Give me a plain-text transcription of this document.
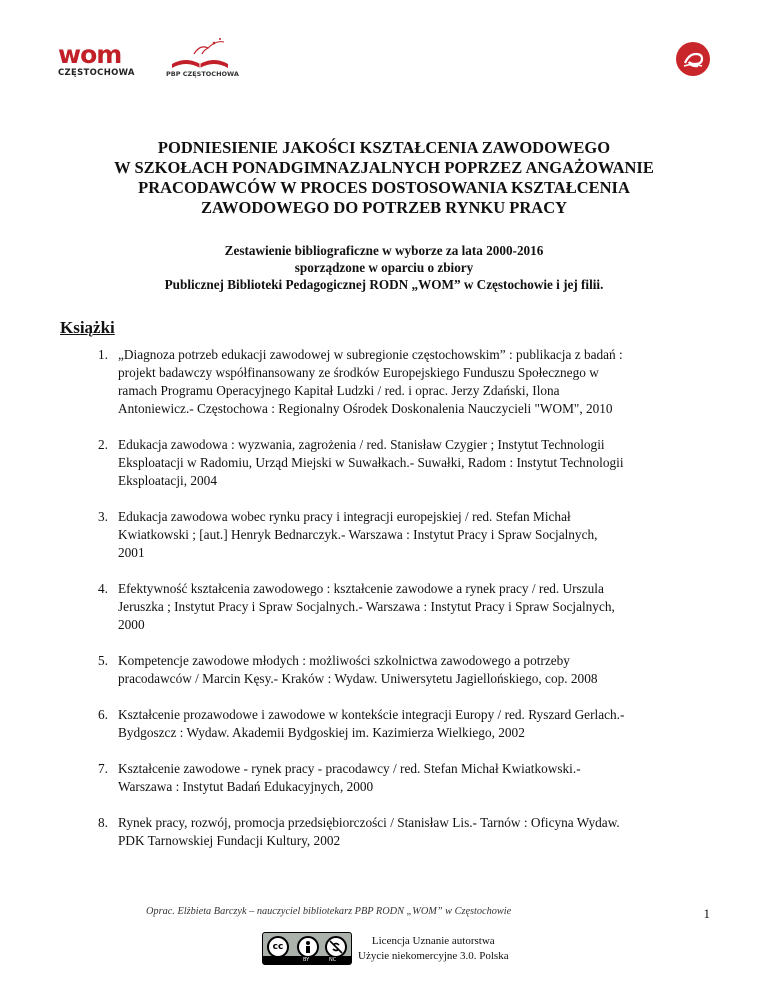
wom
CZĘSTOCHOWA	PBP CZĘSTOCHOWA
PODNIESIENIE JAKOŚCI KSZTAŁCENIA ZAWODOWEGO
W SZKOŁACH PONADGIMNAZJALNYCH POPRZEZ ANGAŻOWANIE
PRACODAWCÓW W PROCES DOSTOSOWANIA KSZTAŁCENIA
ZAWODOWEGO DO POTRZEB RYNKU PRACY
Zestawienie bibliograficzne w wyborze za lata 2000-2016
sporządzone w oparciu o zbiory
Publicznej Biblioteki Pedagogicznej RODN „WOM” w Częstochowie i jej filii.
Książki
1. „Diagnoza potrzeb edukacji zawodowej w subregionie częstochowskim” : publikacja z badań :
projekt badawczy współfinansowany ze środków Europejskiego Funduszu Społecznego w
ramach Programu Operacyjnego Kapitał Ludzki / red. i oprac. Jerzy Zdański, Ilona
Antoniewicz.- Częstochowa : Regionalny Ośrodek Doskonalenia Nauczycieli "WOM", 2010
2. Edukacja zawodowa : wyzwania, zagrożenia / red. Stanisław Czygier ; Instytut Technologii
Eksploatacji w Radomiu, Urząd Miejski w Suwałkach.- Suwałki, Radom : Instytut Technologii
Eksploatacji, 2004
3. Edukacja zawodowa wobec rynku pracy i integracji europejskiej / red. Stefan Michał
Kwiatkowski ; [aut.] Henryk Bednarczyk.- Warszawa : Instytut Pracy i Spraw Socjalnych,
2001
4. Efektywność kształcenia zawodowego : kształcenie zawodowe a rynek pracy / red. Urszula
Jeruszka ; Instytut Pracy i Spraw Socjalnych.- Warszawa : Instytut Pracy i Spraw Socjalnych,
2000
5. Kompetencje zawodowe młodych : możliwości szkolnictwa zawodowego a potrzeby
pracodawców / Marcin Kęsy.- Kraków : Wydaw. Uniwersytetu Jagiellońskiego, cop. 2008
6. Kształcenie prozawodowe i zawodowe w kontekście integracji Europy / red. Ryszard Gerlach.-
Bydgoszcz : Wydaw. Akademii Bydgoskiej im. Kazimierza Wielkiego, 2002
7. Kształcenie zawodowe - rynek pracy - pracodawcy / red. Stefan Michał Kwiatkowski.-
Warszawa : Instytut Badań Edukacyjnych, 2000
8. Rynek pracy, rozwój, promocja przedsiębiorczości / Stanisław Lis.- Tarnów : Oficyna Wydaw.
PDK Tarnowskiej Fundacji Kultury, 2002
Oprac. Elżbieta Barczyk – nauczyciel bibliotekarz PBP RODN „WOM” w Częstochowie	1
cc
BY	NC
Licencja Uznanie autorstwa
Użycie niekomercyjne 3.0. Polska
